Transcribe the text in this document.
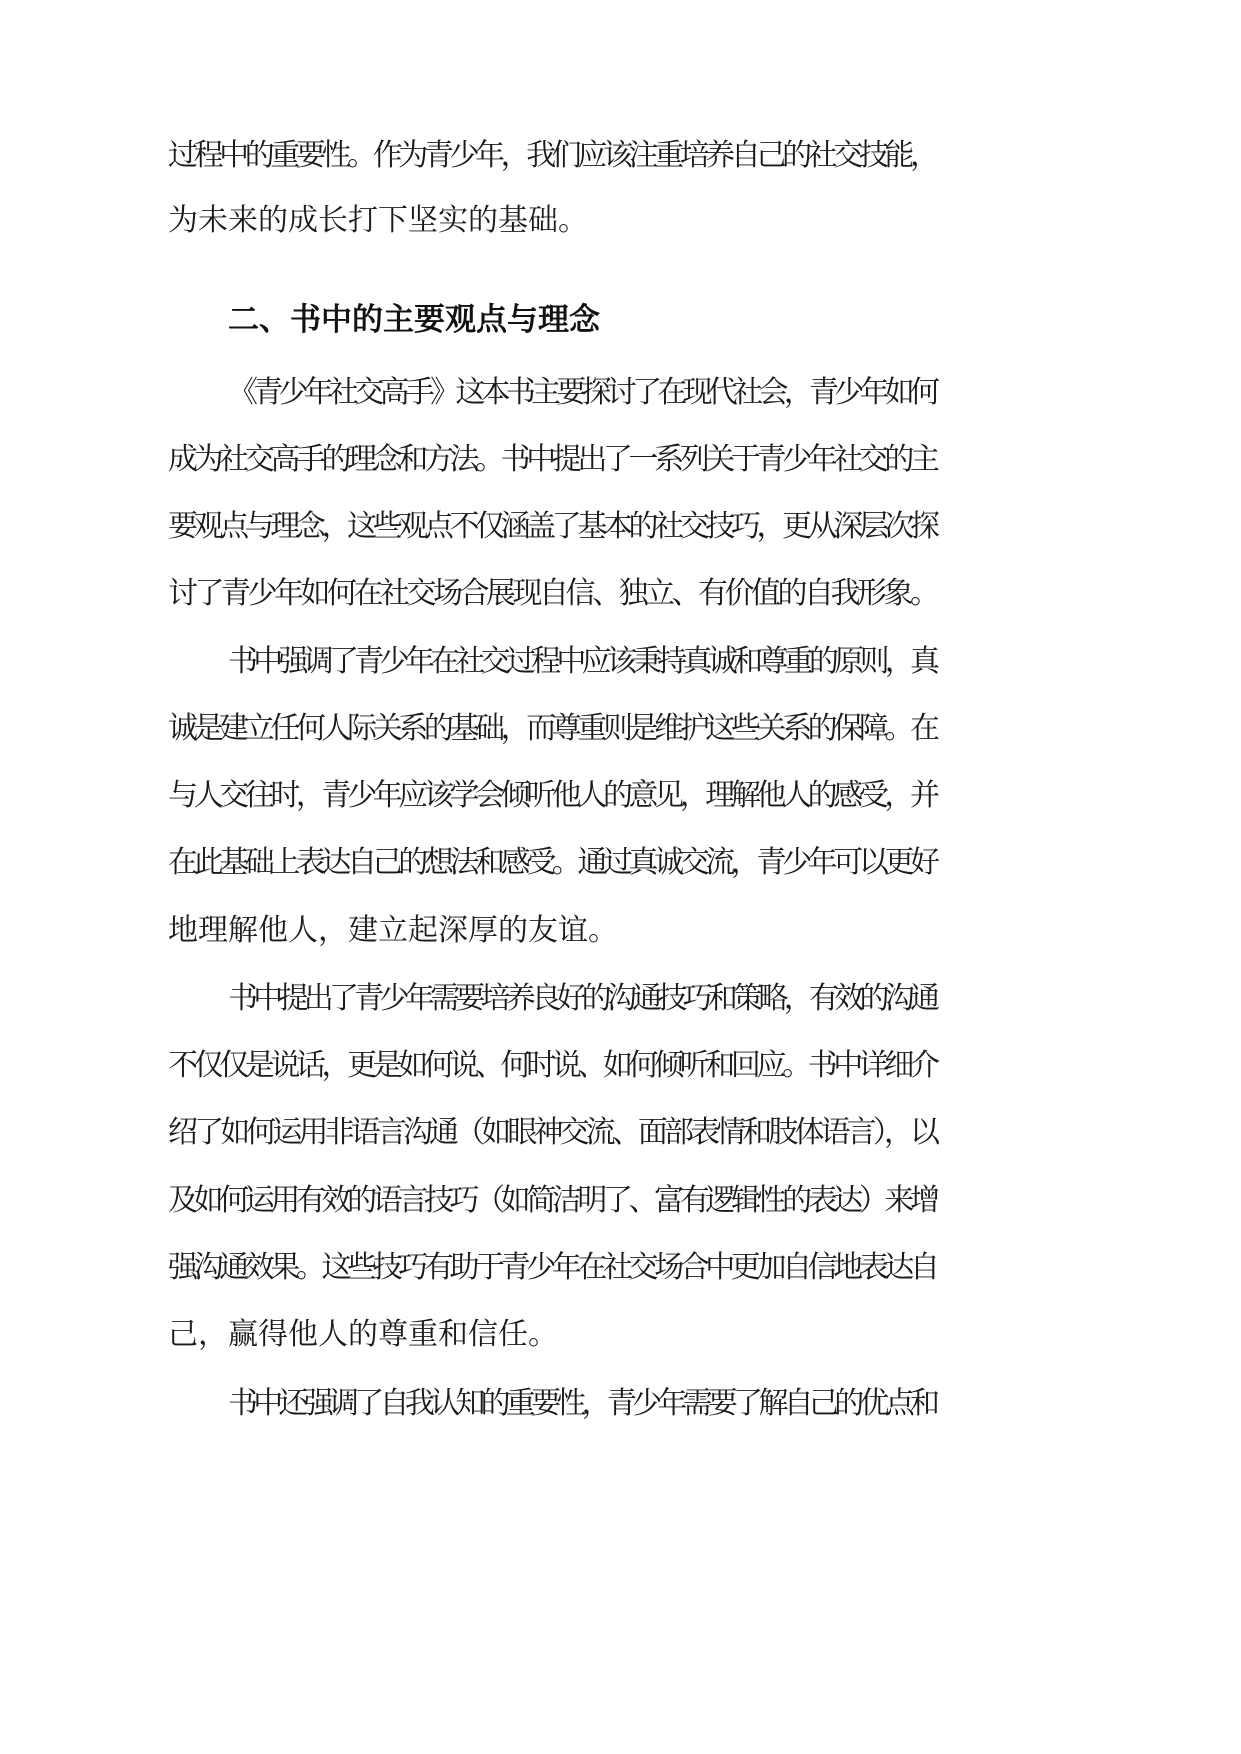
过程中的重要性。作为青少年，我们应该注重培养自己的社交技能，
为未来的成长打下坚实的基础。
二、书中的主要观点与理念
《青少年社交高手》这本书主要探讨了在现代社会，青少年如何
成为社交高手的理念和方法。书中提出了一系列关于青少年社交的主
要观点与理念，这些观点不仅涵盖了基本的社交技巧，更从深层次探
讨了青少年如何在社交场合展现自信、独立、有价值的自我形象。
书中强调了青少年在社交过程中应该秉持真诚和尊重的原则，真
诚是建立任何人际关系的基础，而尊重则是维护这些关系的保障。在
与人交往时，青少年应该学会倾听他人的意见，理解他人的感受，并
在此基础上表达自己的想法和感受。通过真诚交流，青少年可以更好
地理解他人，建立起深厚的友谊。
书中提出了青少年需要培养良好的沟通技巧和策略，有效的沟通
不仅仅是说话，更是如何说、何时说、如何倾听和回应。书中详细介
绍了如何运用非语言沟通（如眼神交流、面部表情和肢体语言），以
及如何运用有效的语言技巧（如简洁明了、富有逻辑性的表达）来增
强沟通效果。这些技巧有助于青少年在社交场合中更加自信地表达自
己，赢得他人的尊重和信任。
书中还强调了自我认知的重要性，青少年需要了解自己的优点和
